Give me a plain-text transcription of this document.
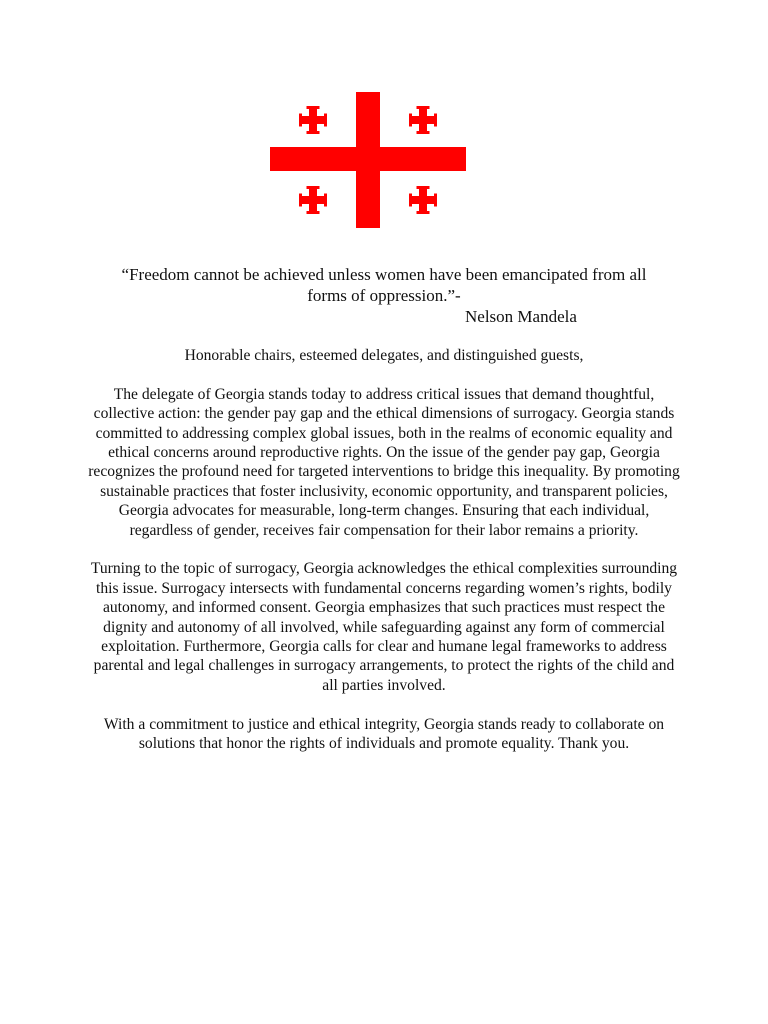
“Freedom cannot be achieved unless women have been emancipated from all
forms of oppression.”-
Nelson Mandela

Honorable chairs, esteemed delegates, and distinguished guests,

The delegate of Georgia stands today to address critical issues that demand thoughtful, collective action: the gender pay gap and the ethical dimensions of surrogacy. Georgia stands committed to addressing complex global issues, both in the realms of economic equality and ethical concerns around reproductive rights. On the issue of the gender pay gap, Georgia recognizes the profound need for targeted interventions to bridge this inequality. By promoting sustainable practices that foster inclusivity, economic opportunity, and transparent policies, Georgia advocates for measurable, long-term changes. Ensuring that each individual, regardless of gender, receives fair compensation for their labor remains a priority.

Turning to the topic of surrogacy, Georgia acknowledges the ethical complexities surrounding this issue. Surrogacy intersects with fundamental concerns regarding women’s rights, bodily autonomy, and informed consent. Georgia emphasizes that such practices must respect the dignity and autonomy of all involved, while safeguarding against any form of commercial exploitation. Furthermore, Georgia calls for clear and humane legal frameworks to address parental and legal challenges in surrogacy arrangements, to protect the rights of the child and all parties involved.

With a commitment to justice and ethical integrity, Georgia stands ready to collaborate on solutions that honor the rights of individuals and promote equality. Thank you.
